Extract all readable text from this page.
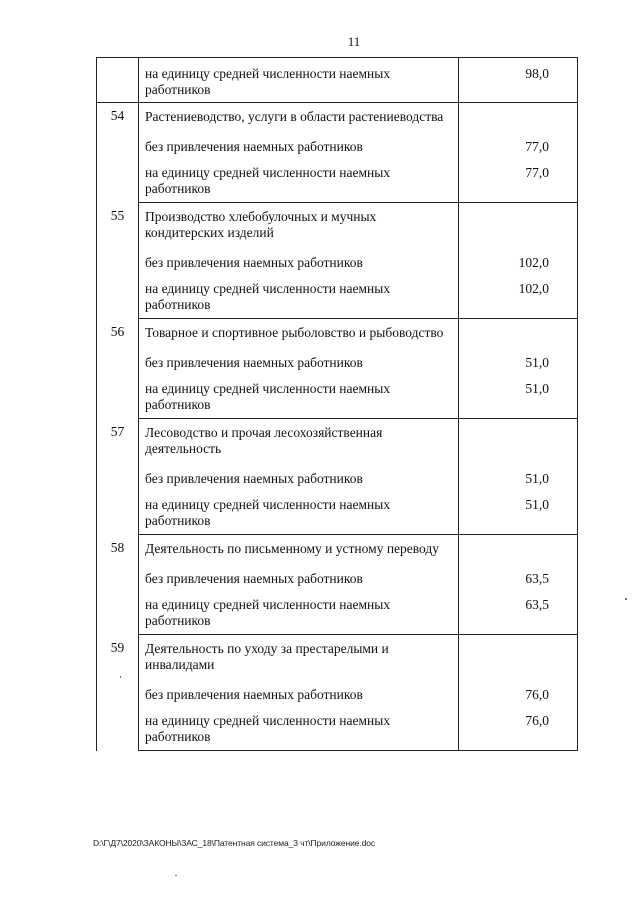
11

	на единицу средней численности наемных работников	98,0

54	Растениеводство, услуги в области растениеводства	

	без привлечения наемных работников	77,0

	на единицу средней численности наемных работников	77,0

55	Производство хлебобулочных и мучных кондитерских изделий	

	без привлечения наемных работников	102,0

	на единицу средней численности наемных работников	102,0

56	Товарное и спортивное рыболовство и рыбоводство	

	без привлечения наемных работников	51,0

	на единицу средней численности наемных работников	51,0

57	Лесоводство и прочая лесохозяйственная деятельность	

	без привлечения наемных работников	51,0

	на единицу средней численности наемных работников	51,0

58	Деятельность по письменному и устному переводу	

	без привлечения наемных работников	63,5

	на единицу средней численности наемных работников	63,5

59	Деятельность по уходу за престарелыми и инвалидами	

	без привлечения наемных работников	76,0

	на единицу средней численности наемных работников	76,0
D:\Г\Д7\2020\ЗАКОНЫ\ЗАС_18\Патентная система_3 чт\Приложение.doc
